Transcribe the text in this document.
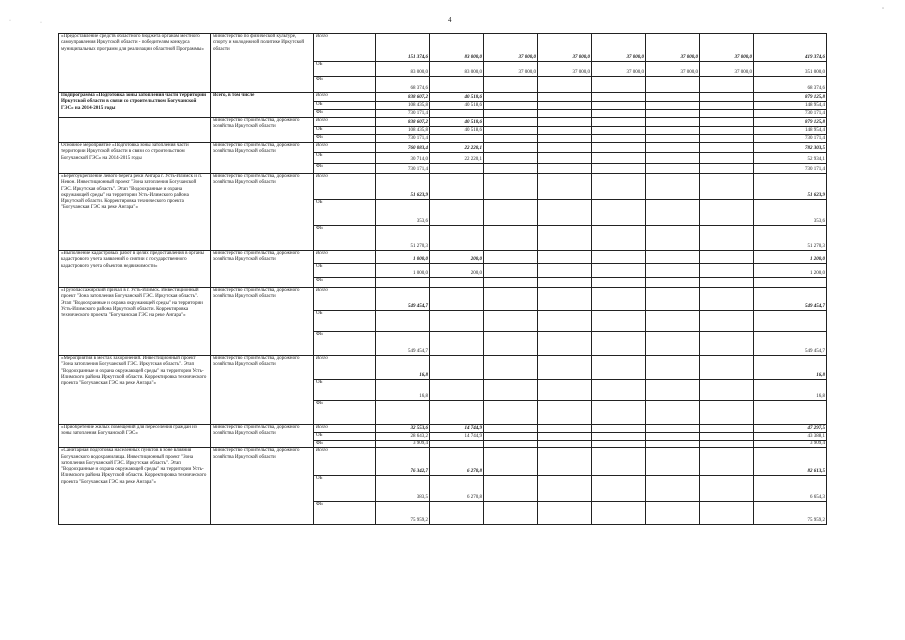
4
·	·
ˇ
«Предоставление средств областного бюджета органам местного самоуправления Иркутской области - победителям конкурса муниципальных программ для реализации областной Программы»	министерство по физической культуре, спорту и молодежной политике Иркутской области	Всего	151 374,6	83 000,0	37 000,0	37 000,0	37 000,0	37 000,0	37 000,0	419 374,6
		ОБ	83 000,0	83 000,0	37 000,0	37 000,0	37 000,0	37 000,0	37 000,0	351 000,0
		ФБ	68 374,6							68 374,6
Подпрограмма «Подготовка зоны затопления части территории Иркутской области в связи со строительством Богучанской ГЭС» на 2014-2015 годы	Всего, в том числе	Всего	838 607,2	40 518,6						879 125,8
		ОБ	108 435,8	40 518,6						148 954,4
		ФБ	730 171,4							730 171,4
	министерство строительства, дорожного хозяйства Иркутской области	Всего	838 607,2	40 518,6						879 125,8
		ОБ	108 435,8	40 518,6						148 954,4
		ФБ	730 171,4							730 171,4
Основное мероприятие «Подготовка зоны затопления части территории Иркутской области в связи со строительством Богучанской ГЭС» на 2014-2015 годы	министерство строительства, дорожного хозяйства Иркутской области	Всего	760 083,4	22 220,1						782 303,5
		ОБ	30 714,0	22 220,1						52 934,1
		ФБ	730 171,4							730 171,4
«Берегоукрепление левого берега реки Ангара г. Усть-Илимск и п. Невон. Инвестиционный проект "Зона затопления Богучанской ГЭС. Иркутская область". Этап "Водоохранные и охрана окружающей среды" на территории Усть-Илимского района Иркутской области. Корректировка технического проекта "Богучанская ГЭС на реке Ангара"»	министерство строительства, дорожного хозяйства Иркутской области	Всего	51 623,9							51 623,9
		ОБ	353,6							353,6
		ФБ	51 270,3							51 270,3
«Выполнение кадастровых работ в целях предоставления в органы кадастрового учета заявлений о снятии с государственного кадастрового учета объектов недвижимости»	министерство строительства, дорожного хозяйства Иркутской области	Всего	1 000,0	200,0						1 200,0
		ОБ	1 000,0	200,0						1 200,0
		ФБ								
«Грузопассажирский причал в г. Усть-Илимск. Инвестиционный проект "Зона затопления Богучанской ГЭС. Иркутская область". Этап "Водоохранные и охрана окружающей среды" на территории Усть-Илимского района Иркутской области. Корректировка технического проекта "Богучанская ГЭС на реке Ангара"»	министерство строительства, дорожного хозяйства Иркутской области	Всего	549 454,7							549 454,7
		ОБ								
		ФБ	549 454,7							549 454,7
«Мероприятия в местах захоронений. Инвестиционный проект "Зона затопления Богучанской ГЭС. Иркутская область". Этап "Водоохранные и охрана окружающей среды" на территории Усть-Илимского района Иркутской области. Корректировка технического проекта "Богучанская ГЭС на реке Ангара"»	министерство строительства, дорожного хозяйства Иркутской области	Всего	16,8							16,8
		ОБ	16,8							16,8
		ФБ								
«Приобретение жилых помещений для переселения граждан из зоны затопления Богучанской ГЭС»	министерство строительства, дорожного хозяйства Иркутской области	Всего	32 553,6	14 744,9						47 297,5
		ОБ	28 643,2	14 744,9						43 388,1
		ФБ	3 909,4							3 909,4
«Санитарная подготовка населенных пунктов в зоне влияния Богучанского водохранилища. Инвестиционный проект "Зона затопления Богучанской ГЭС. Иркутская область". Этап "Водоохранные и охрана окружающей среды" на территории Усть-Илимского района Иркутской области. Корректировка технического проекта "Богучанская ГЭС на реке Ангара"»	министерство строительства, дорожного хозяйства Иркутской области	Всего	76 342,7	6 270,8						82 613,5
		ОБ	383,5	6 270,8						6 654,3
		ФБ	75 959,2							75 959,2
